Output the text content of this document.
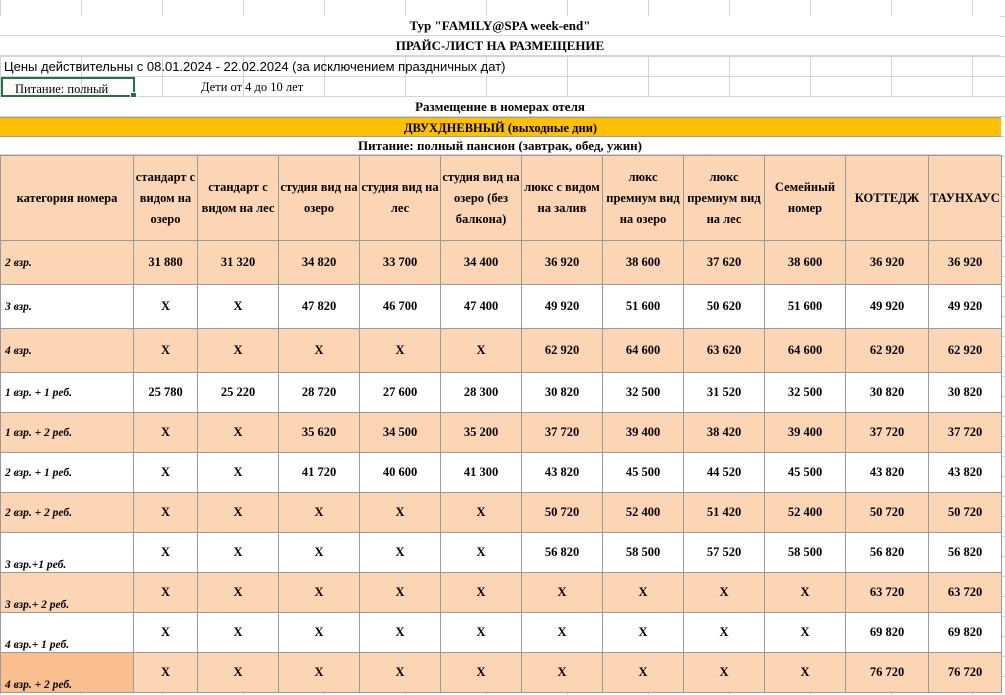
Тур "FAMILY@SPA week-end"
ПРАЙС-ЛИСТ НА РАЗМЕЩЕНИЕ
Цены действительны с 08.01.2024 - 22.02.2024 (за исключением праздничных дат)
Питание: полный	Дети от 4 до 10 лет
Размещение в номерах отеля
ДВУХДНЕВНЫЙ (выходные дни)
Питание: полный пансион (завтрак, обед, ужин)
категория номера	стандарт с видом на озеро	стандарт с видом на лес	студия вид на озеро	студия вид на лес	студия вид на озеро (без балкона)	люкс с видом на залив	люкс премиум вид на озеро	люкс премиум вид на лес	Семейный номер	КОТТЕДЖ	ТАУНХАУС
2 взр.	31 880	31 320	34 820	33 700	34 400	36 920	38 600	37 620	38 600	36 920	36 920
3 взр.	Х	Х	47 820	46 700	47 400	49 920	51 600	50 620	51 600	49 920	49 920
4 взр.	Х	Х	Х	Х	Х	62 920	64 600	63 620	64 600	62 920	62 920
1 взр. + 1 реб.	25 780	25 220	28 720	27 600	28 300	30 820	32 500	31 520	32 500	30 820	30 820
1 взр. + 2 реб.	Х	Х	35 620	34 500	35 200	37 720	39 400	38 420	39 400	37 720	37 720
2 взр. + 1 реб.	Х	Х	41 720	40 600	41 300	43 820	45 500	44 520	45 500	43 820	43 820
2 взр. + 2 реб.	Х	Х	Х	Х	Х	50 720	52 400	51 420	52 400	50 720	50 720
3 взр.+1 реб.	Х	Х	Х	Х	Х	56 820	58 500	57 520	58 500	56 820	56 820
3 взр.+ 2 реб.	Х	Х	Х	Х	Х	Х	Х	Х	Х	63 720	63 720
4 взр.+ 1 реб.	Х	Х	Х	Х	Х	Х	Х	Х	Х	69 820	69 820
4 взр. + 2 реб.	Х	Х	Х	Х	Х	Х	Х	Х	Х	76 720	76 720
